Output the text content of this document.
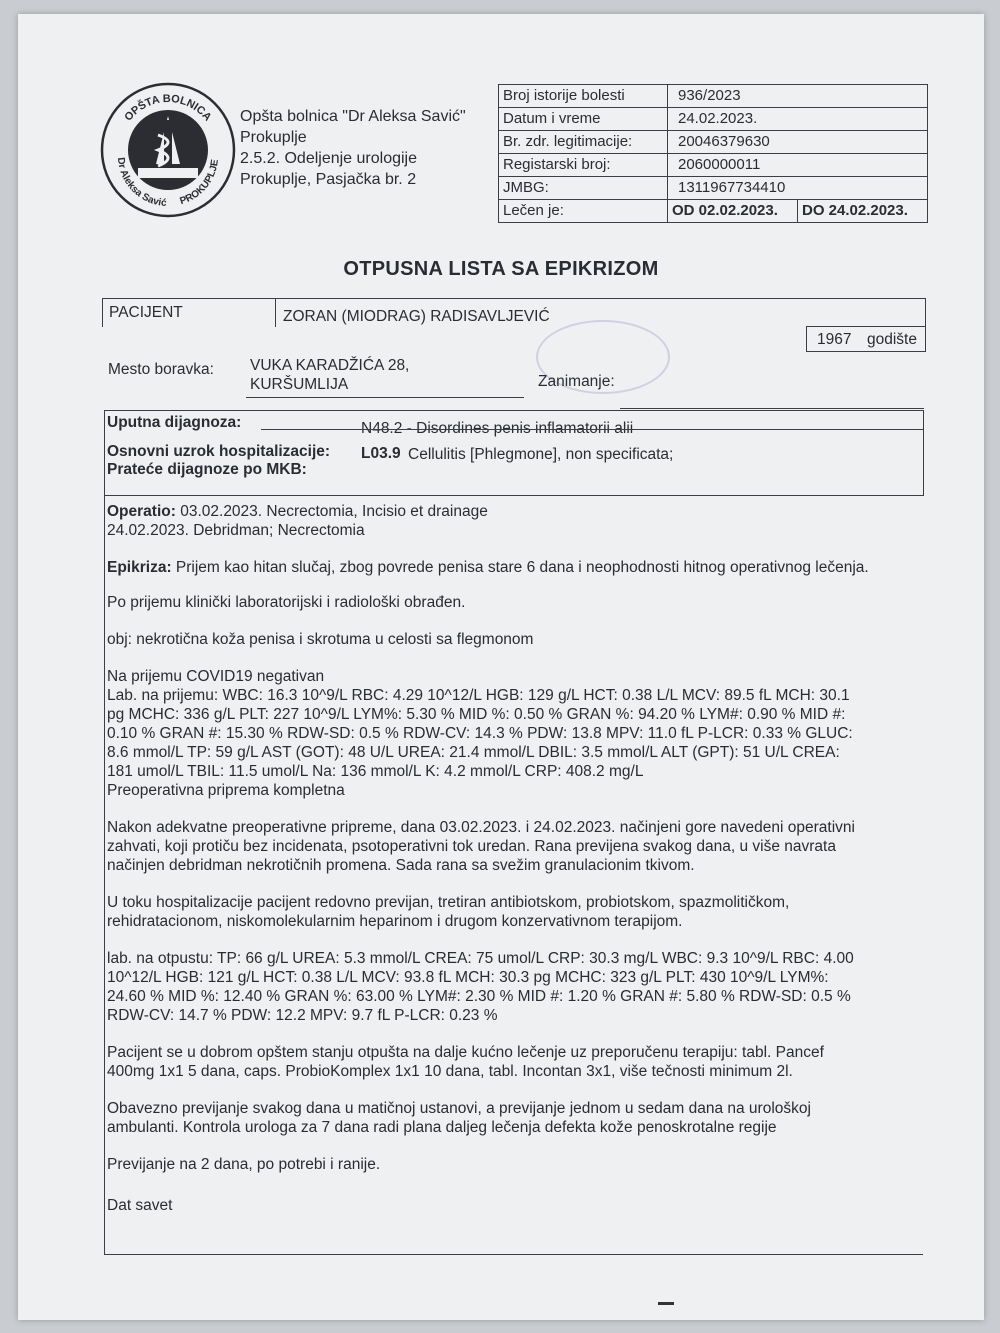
OPŠTA BOLNICA
Dr Aleksa Savić PROKUPLJE
Opšta bolnica "Dr Aleksa Savić"
Prokuplje
2.5.2. Odeljenje urologije
Prokuplje, Pasjačka br. 2
Broj istorije bolesti	936/2023
Datum i vreme	24.02.2023.
Br. zdr. legitimacije:	20046379630
Registarski broj:	2060000011
JMBG:	1311967734410
Lečen je:	OD 02.02.2023. DO 24.02.2023.
OTPUSNA LISTA SA EPIKRIZOM
PACIJENT	ZORAN (MIODRAG) RADISAVLJEVIĆ
1967 godište
Mesto boravka: VUKA KARADŽIĆA 28,
KURŠUMLIJA	Zanimanje:
Uputna dijagnoza:	N48.2 - Disordines penis inflamatorii alii
Osnovni uzrok hospitalizacije: L03.9 Cellulitis [Phlegmone], non specificata;
Prateće dijagnoze po MKB:
Operatio: 03.02.2023. Necrectomia, Incisio et drainage
24.02.2023. Debridman; Necrectomia
Epikriza: Prijem kao hitan slučaj, zbog povrede penisa stare 6 dana i neophodnosti hitnog operativnog lečenja.
Po prijemu klinički laboratorijski i radiološki obrađen.
obj: nekrotična koža penisa i skrotuma u celosti sa flegmonom
Na prijemu COVID19 negativan
Lab. na prijemu: WBC: 16.3 10^9/L RBC: 4.29 10^12/L HGB: 129 g/L HCT: 0.38 L/L MCV: 89.5 fL MCH: 30.1
pg MCHC: 336 g/L PLT: 227 10^9/L LYM%: 5.30 % MID %: 0.50 % GRAN %: 94.20 % LYM#: 0.90 % MID #:
0.10 % GRAN #: 15.30 % RDW-SD: 0.5 % RDW-CV: 14.3 % PDW: 13.8 MPV: 11.0 fL P-LCR: 0.33 % GLUC:
8.6 mmol/L TP: 59 g/L AST (GOT): 48 U/L UREA: 21.4 mmol/L DBIL: 3.5 mmol/L ALT (GPT): 51 U/L CREA:
181 umol/L TBIL: 11.5 umol/L Na: 136 mmol/L K: 4.2 mmol/L CRP: 408.2 mg/L
Preoperativna priprema kompletna
Nakon adekvatne preoperativne pripreme, dana 03.02.2023. i 24.02.2023. načinjeni gore navedeni operativni
zahvati, koji protiču bez incidenata, psotoperativni tok uredan. Rana previjena svakog dana, u više navrata
načinjen debridman nekrotičnih promena. Sada rana sa svežim granulacionim tkivom.
U toku hospitalizacije pacijent redovno previjan, tretiran antibiotskom, probiotskom, spazmolitičkom,
rehidratacionom, niskomolekularnim heparinom i drugom konzervativnom terapijom.
lab. na otpustu: TP: 66 g/L UREA: 5.3 mmol/L CREA: 75 umol/L CRP: 30.3 mg/L WBC: 9.3 10^9/L RBC: 4.00
10^12/L HGB: 121 g/L HCT: 0.38 L/L MCV: 93.8 fL MCH: 30.3 pg MCHC: 323 g/L PLT: 430 10^9/L LYM%:
24.60 % MID %: 12.40 % GRAN %: 63.00 % LYM#: 2.30 % MID #: 1.20 % GRAN #: 5.80 % RDW-SD: 0.5 %
RDW-CV: 14.7 % PDW: 12.2 MPV: 9.7 fL P-LCR: 0.23 %
Pacijent se u dobrom opštem stanju otpušta na dalje kućno lečenje uz preporučenu terapiju: tabl. Pancef
400mg 1x1 5 dana, caps. ProbioKomplex 1x1 10 dana, tabl. Incontan 3x1, više tečnosti minimum 2l.
Obavezno previjanje svakog dana u matičnoj ustanovi, a previjanje jednom u sedam dana na urološkoj
ambulanti. Kontrola urologa za 7 dana radi plana daljeg lečenja defekta kože penoskrotalne regije
Previjanje na 2 dana, po potrebi i ranije.
Dat savet
